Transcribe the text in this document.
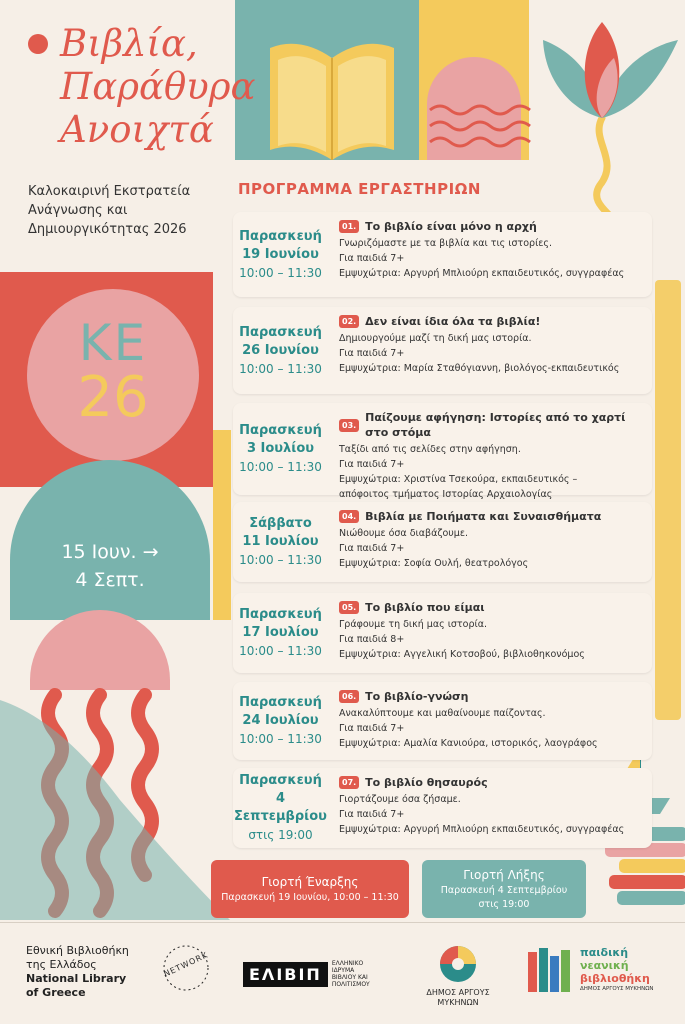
Βιβλία,
Παράθυρα
Ανοιχτά
Καλοκαιρινή Εκστρατεία
Ανάγνωσης και
Δημιουργικότητας 2026
ΚΕ
26
15 Ιουν. →
4 Σεπτ.
ΠΡΟΓΡΑΜΜΑ ΕΡΓΑΣΤΗΡΙΩΝ
Παρασκευή
19 Ιουνίου
10:00 – 11:30
01. Το βιβλίο είναι μόνο η αρχή
Γνωριζόμαστε με τα βιβλία και τις ιστορίες.
Για παιδιά 7+
Εμψυχώτρια: Αργυρή Μπλιούρη εκπαιδευτικός, συγγραφέας
Παρασκευή
26 Ιουνίου
10:00 – 11:30
02. Δεν είναι ίδια όλα τα βιβλία!
Δημιουργούμε μαζί τη δική μας ιστορία.
Για παιδιά 7+
Εμψυχώτρια: Μαρία Σταθόγιαννη, βιολόγος-εκπαιδευτικός
Παρασκευή
3 Ιουλίου
10:00 – 11:30
03.
Παίζουμε αφήγηση: Ιστορίες από το χαρτί στο στόμα
Ταξίδι από τις σελίδες στην αφήγηση.
Για παιδιά 7+
Εμψυχώτρια: Χριστίνα Τσεκούρα, εκπαιδευτικός –
απόφοιτος τμήματος Ιστορίας Αρχαιολογίας
Σάββατο
11 Ιουλίου
10:00 – 11:30
04. Βιβλία με Ποιήματα και Συναισθήματα
Νιώθουμε όσα διαβάζουμε.
Για παιδιά 7+
Εμψυχώτρια: Σοφία Ουλή, θεατρολόγος
Παρασκευή
17 Ιουλίου
10:00 – 11:30
05. Το βιβλίο που είμαι
Γράφουμε τη δική μας ιστορία.
Για παιδιά 8+
Εμψυχώτρια: Αγγελική Κοτσοβού, βιβλιοθηκονόμος
Παρασκευή
24 Ιουλίου
10:00 – 11:30
06. Το βιβλίο-γνώση
Ανακαλύπτουμε και μαθαίνουμε παίζοντας.
Για παιδιά 7+
Εμψυχώτρια: Αμαλία Κανιούρα, ιστορικός, λαογράφος
Παρασκευή
4 Σεπτεμβρίου
στις 19:00
07. Το βιβλίο θησαυρός
Γιορτάζουμε όσα ζήσαμε.
Για παιδιά 7+
Εμψυχώτρια: Αργυρή Μπλιούρη εκπαιδευτικός, συγγραφέας
Γιορτή Έναρξης
Παρασκευή 19 Ιουνίου, 10:00 – 11:30
Γιορτή Λήξης
Παρασκευή 4 Σεπτεμβρίου
στις 19:00
Εθνική Βιβλιοθήκη
της Ελλάδος
National Library
of Greece
NETWORK	ΕΛΙΒΙΠ
ΕΛΛΗΝΙΚΟ
ΙΔΡΥΜΑ
ΒΙΒΛΙΟΥ ΚΑΙ
ΠΟΛΙΤΙΣΜΟΥ
ΔΗΜΟΣ ΑΡΓΟΥΣ
ΜΥΚΗΝΩΝ
παιδική
νεανική
βιβλιοθήκη
ΔΗΜΟΣ ΑΡΓΟΥΣ ΜΥΚΗΝΩΝ
